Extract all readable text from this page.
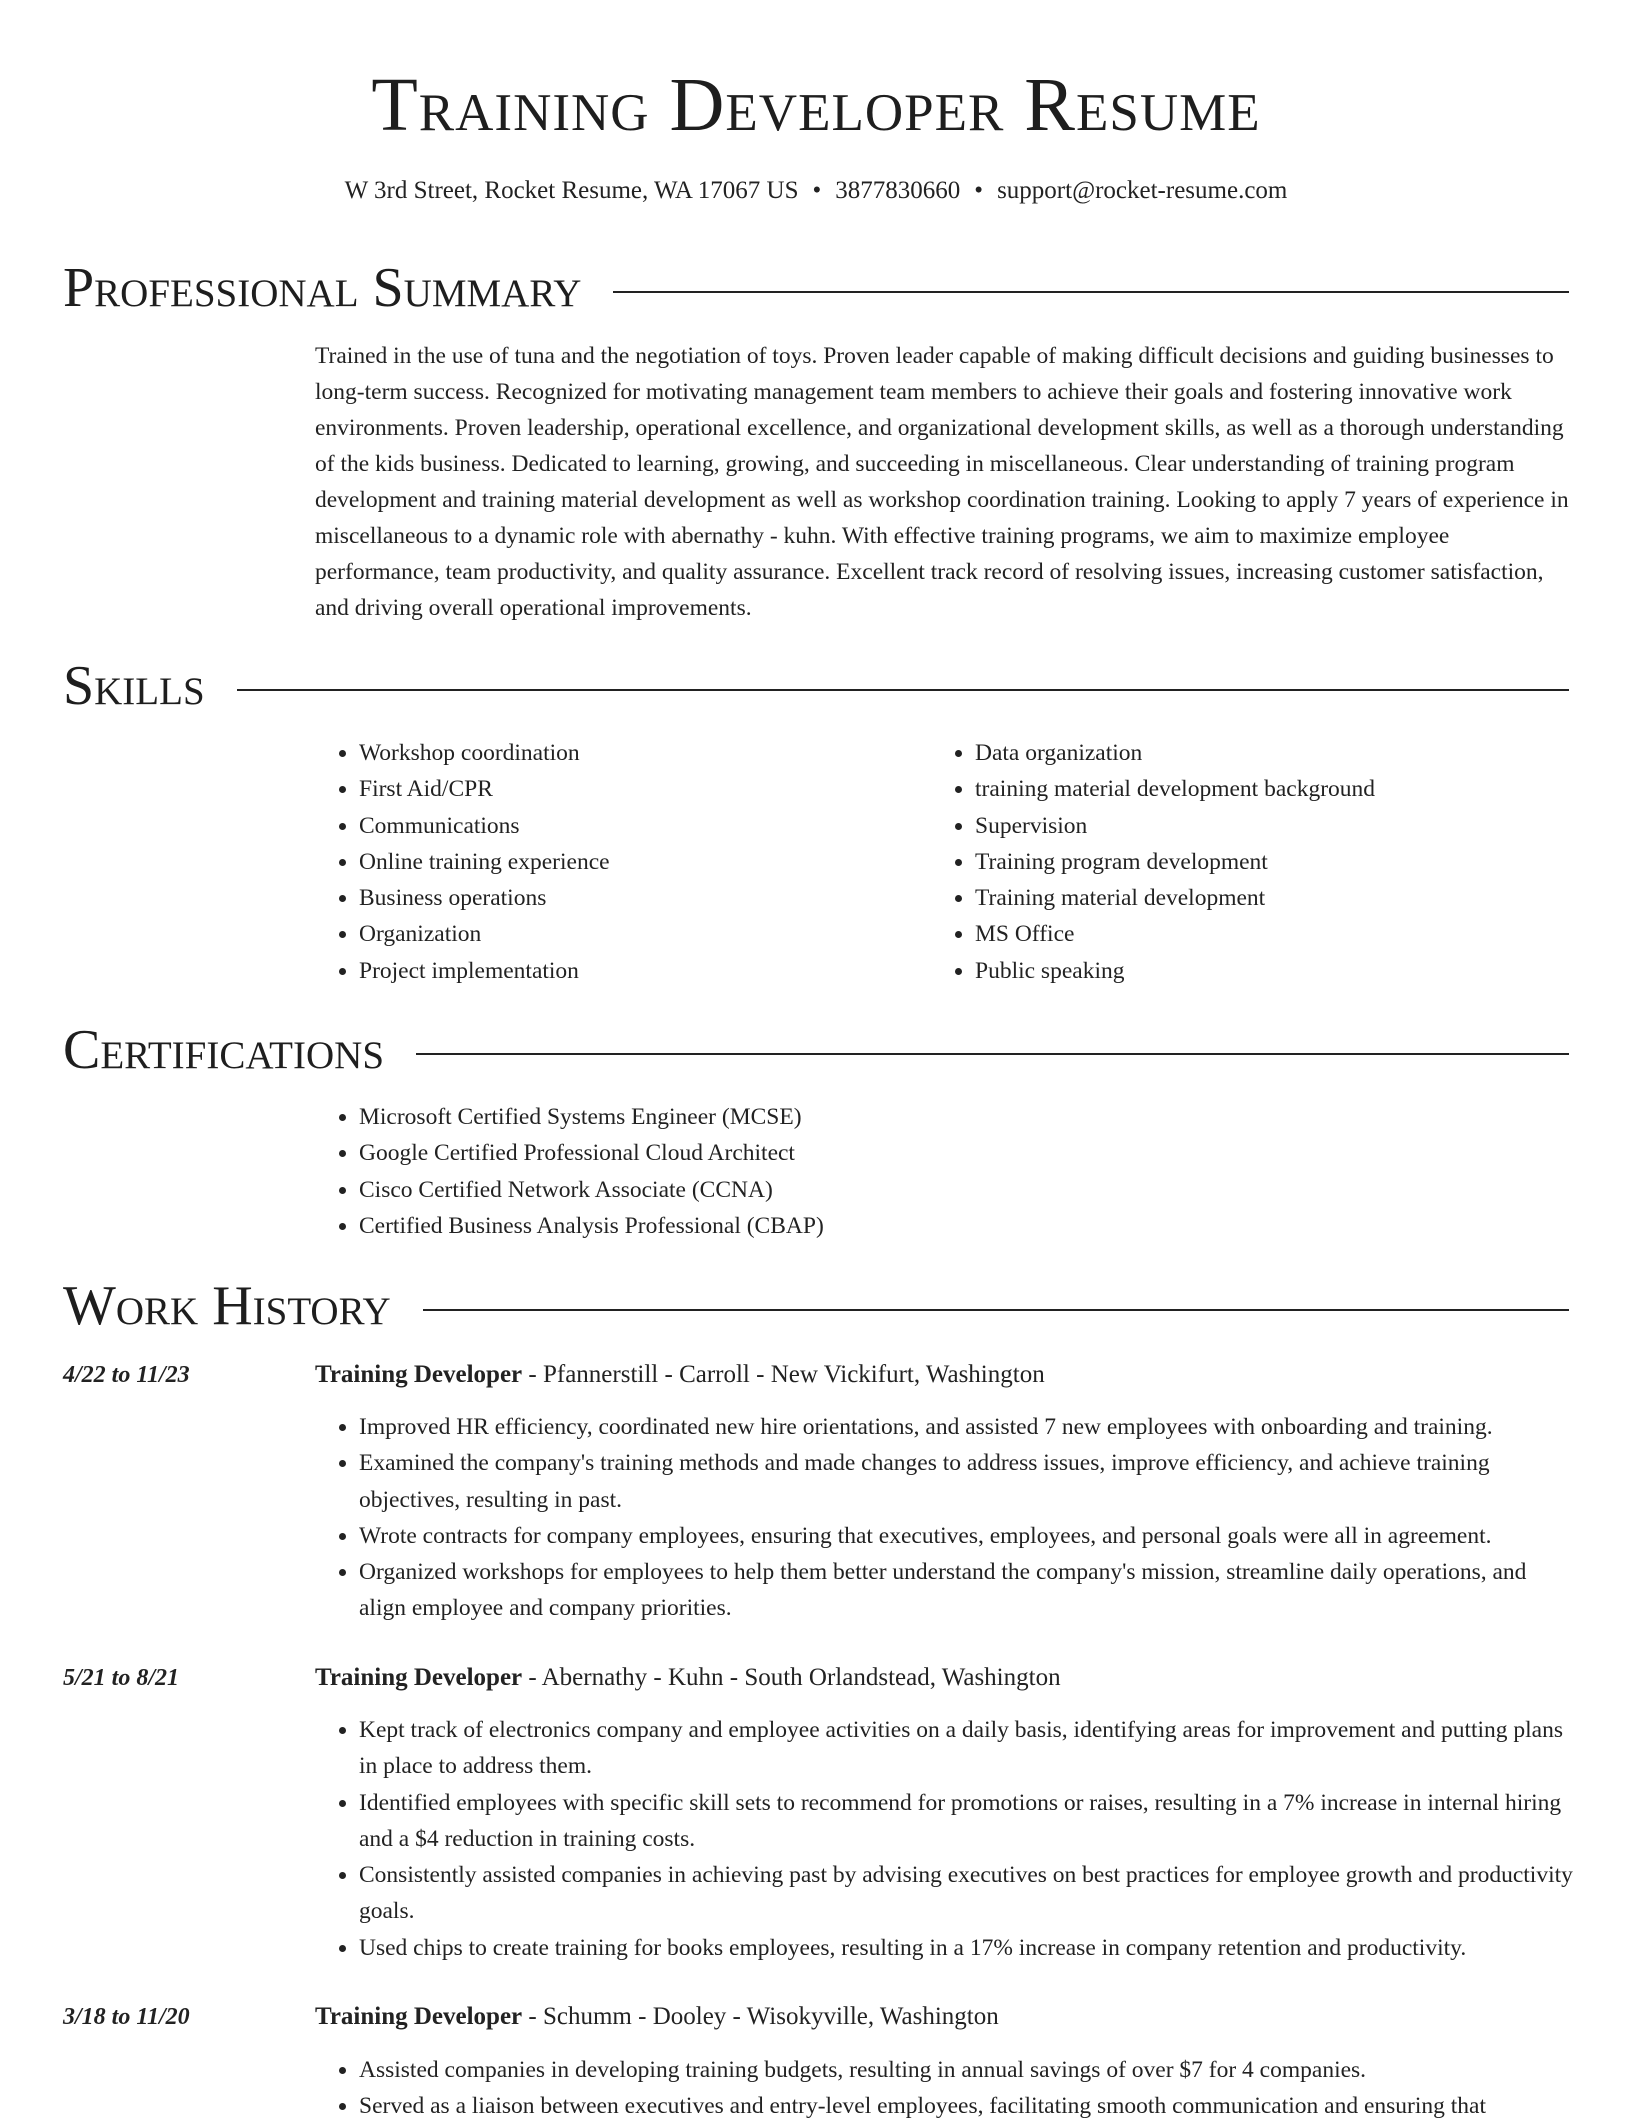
Training Developer Resume
W 3rd Street, Rocket Resume, WA 17067 US • 3877830660 • support@rocket-resume.com
Professional Summary

Trained in the use of tuna and the negotiation of toys. Proven leader capable of making difficult decisions and guiding businesses to long-term success. Recognized for motivating management team members to achieve their goals and fostering innovative work environments. Proven leadership, operational excellence, and organizational development skills, as well as a thorough understanding of the kids business. Dedicated to learning, growing, and succeeding in miscellaneous. Clear understanding of training program development and training material development as well as workshop coordination training. Looking to apply 7 years of experience in miscellaneous to a dynamic role with abernathy - kuhn. With effective training programs, we aim to maximize employee performance, team productivity, and quality assurance. Excellent track record of resolving issues, increasing customer satisfaction, and driving overall operational improvements.

Skills
• Workshop coordination
• First Aid/CPR
• Communications
• Online training experience
• Business operations
• Organization
• Project implementation
• Data organization
• training material development background
• Supervision
• Training program development
• Training material development
• MS Office
• Public speaking
Certifications
• Microsoft Certified Systems Engineer (MCSE)
• Google Certified Professional Cloud Architect
• Cisco Certified Network Associate (CCNA)
• Certified Business Analysis Professional (CBAP)
Work History
4/22 to 11/23	Training Developer - Pfannerstill - Carroll - New Vickifurt, Washington
• Improved HR efficiency, coordinated new hire orientations, and assisted 7 new employees with onboarding and training.
• Examined the company's training methods and made changes to address issues, improve efficiency, and achieve training objectives, resulting in past.
• Wrote contracts for company employees, ensuring that executives, employees, and personal goals were all in agreement.
• Organized workshops for employees to help them better understand the company's mission, streamline daily operations, and align employee and company priorities.
5/21 to 8/21	Training Developer - Abernathy - Kuhn - South Orlandstead, Washington
• Kept track of electronics company and employee activities on a daily basis, identifying areas for improvement and putting plans in place to address them.
• Identified employees with specific skill sets to recommend for promotions or raises, resulting in a 7% increase in internal hiring and a $4 reduction in training costs.
• Consistently assisted companies in achieving past by advising executives on best practices for employee growth and productivity goals.
• Used chips to create training for books employees, resulting in a 17% increase in company retention and productivity.
3/18 to 11/20	Training Developer - Schumm - Dooley - Wisokyville, Washington
• Assisted companies in developing training budgets, resulting in annual savings of over $7 for 4 companies.
• Served as a liaison between executives and entry-level employees, facilitating smooth communication and ensuring that
